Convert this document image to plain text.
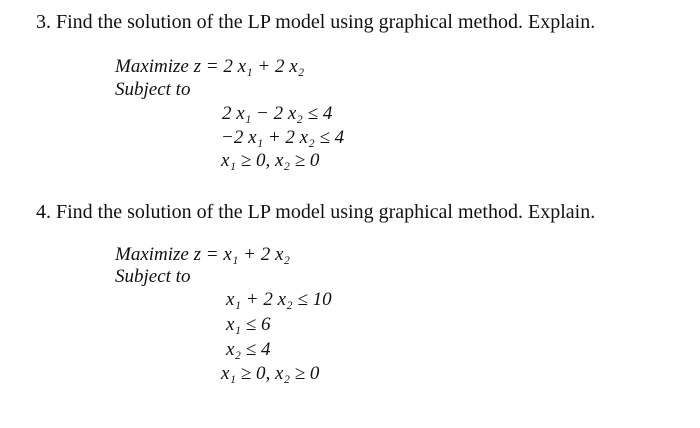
3. Find the solution of the LP model using graphical method. Explain.
Maximize z = 2 x₁ + 2 x₂
Subject to
2 x₁ − 2 x₂ ≤ 4
−2 x₁ + 2 x₂ ≤ 4
x₁ ≥ 0, x₂ ≥ 0
4. Find the solution of the LP model using graphical method. Explain.
Maximize z = x₁ + 2 x₂
Subject to
x₁ + 2 x₂ ≤ 10
x₁ ≤ 6
x₂ ≤ 4
x₁ ≥ 0, x₂ ≥ 0
